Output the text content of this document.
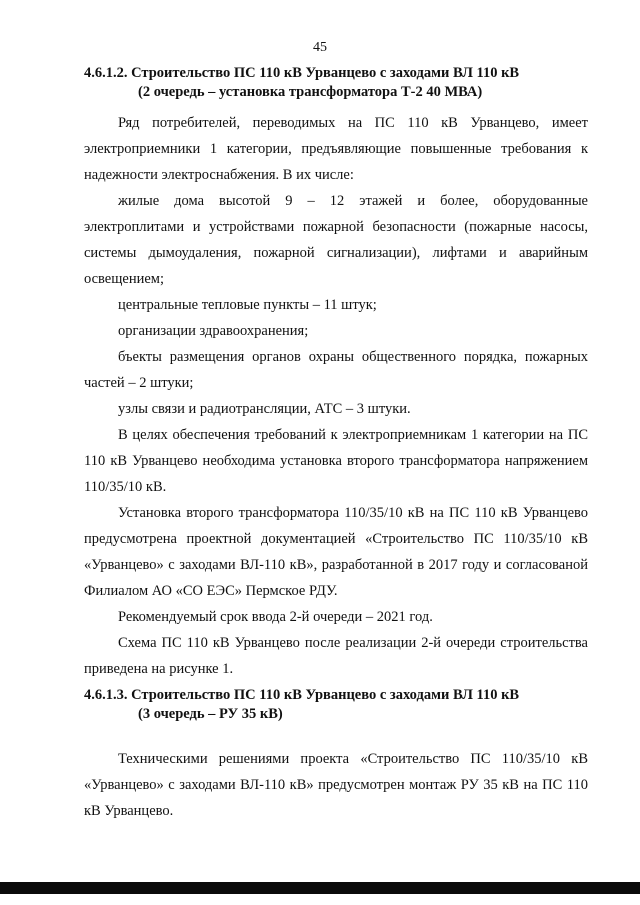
45
4.6.1.2. Строительство ПС 110 кВ Урванцево с заходами ВЛ 110 кВ
(2 очередь – установка трансформатора Т-2 40 МВА)

Ряд потребителей, переводимых на ПС 110 кВ Урванцево, имеет электроприемники 1 категории, предъявляющие повышенные требования к надежности электроснабжения. В их числе:

жилые дома высотой 9 – 12 этажей и более, оборудованные электроплитами и устройствами пожарной безопасности (пожарные насосы, системы дымоудаления, пожарной сигнализации), лифтами и аварийным освещением;

центральные тепловые пункты – 11 штук;

организации здравоохранения;

бъекты размещения органов охраны общественного порядка, пожарных частей – 2 штуки;

узлы связи и радиотрансляции, АТС – 3 штуки.

В целях обеспечения требований к электроприемникам 1 категории на ПС 110 кВ Урванцево необходима установка второго трансформатора напряжением 110/35/10 кВ.

Установка второго трансформатора 110/35/10 кВ на ПС 110 кВ Урванцево предусмотрена проектной документацией «Строительство ПС 110/35/10 кВ «Урванцево» с заходами ВЛ-110 кВ», разработанной в 2017 году и согласованой Филиалом АО «СО ЕЭС» Пермское РДУ.

Рекомендуемый срок ввода 2-й очереди – 2021 год.

Схема ПС 110 кВ Урванцево после реализации 2-й очереди строительства приведена на рисунке 1.

4.6.1.3. Строительство ПС 110 кВ Урванцево с заходами ВЛ 110 кВ
(3 очередь – РУ 35 кВ)

Техническими решениями проекта «Строительство ПС 110/35/10 кВ «Урванцево» с заходами ВЛ-110 кВ» предусмотрен монтаж РУ 35 кВ на ПС 110 кВ Урванцево.
